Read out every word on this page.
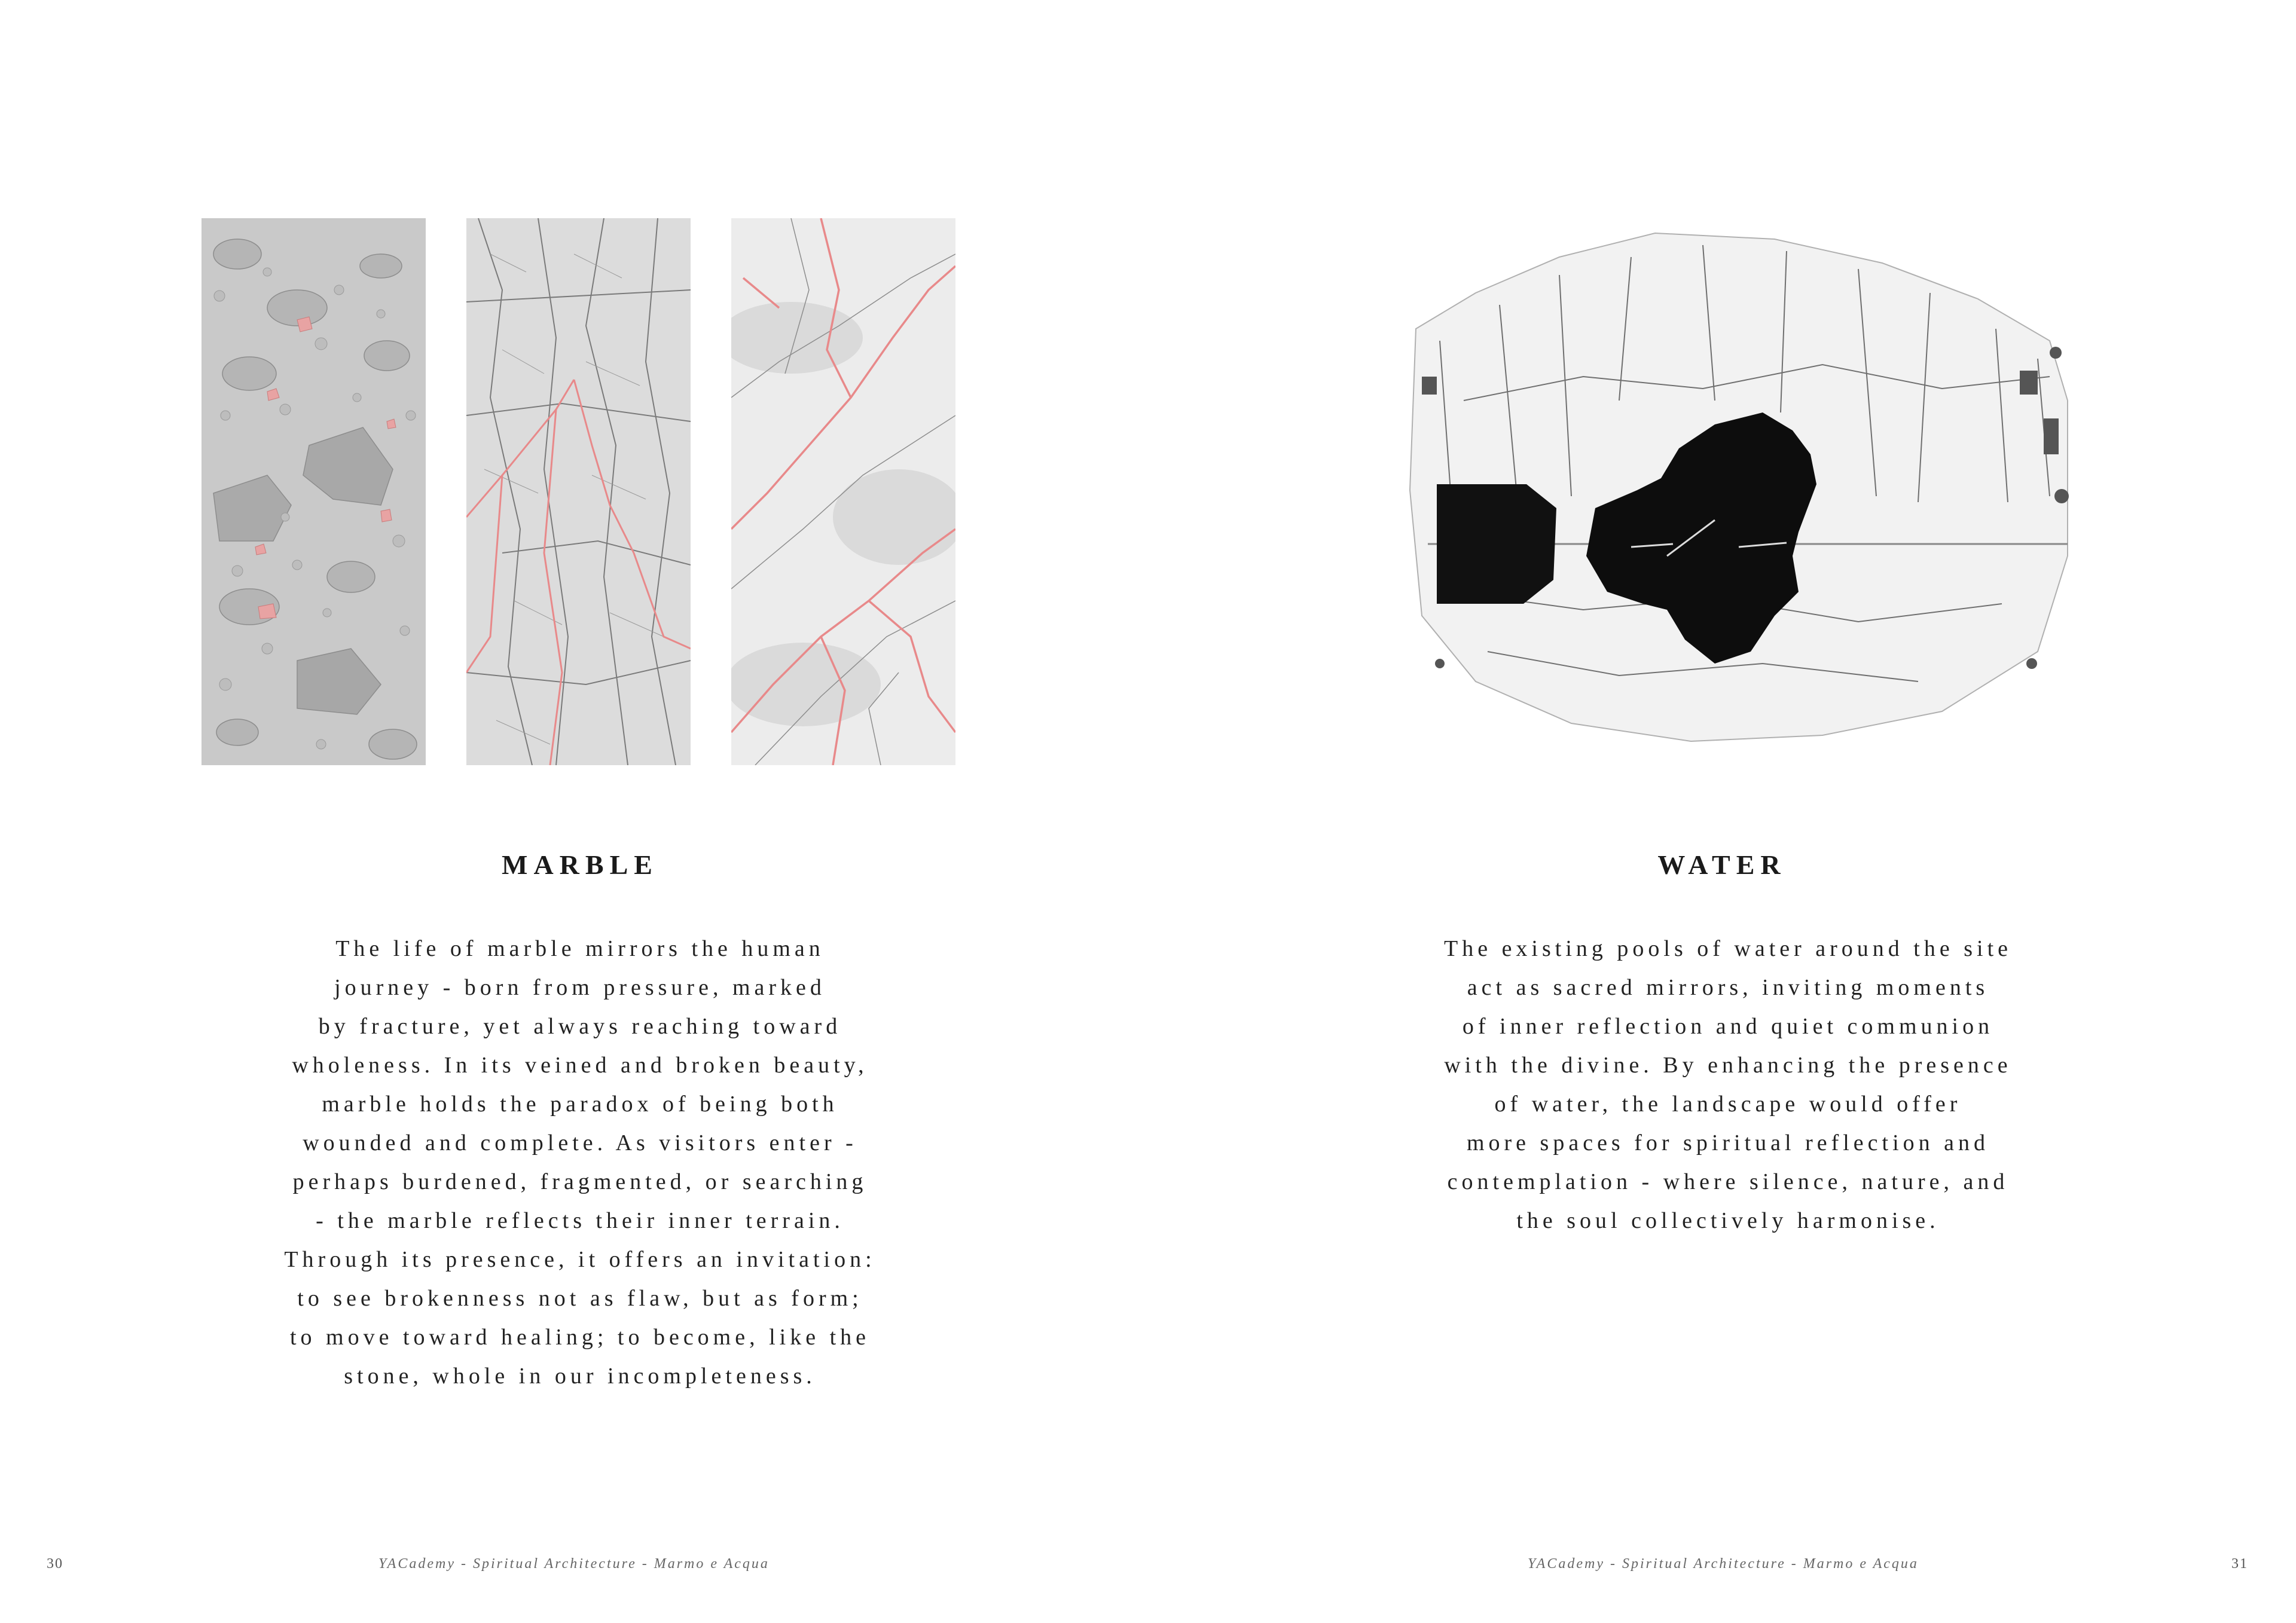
MARBLE
The life of marble mirrors the human
journey - born from pressure, marked
by fracture, yet always reaching toward
wholeness. In its veined and broken beauty,
marble holds the paradox of being both
wounded and complete. As visitors enter -
perhaps burdened, fragmented, or searching
- the marble reflects their inner terrain.
Through its presence, it offers an invitation:
to see brokenness not as flaw, but as form;
to move toward healing; to become, like the
stone, whole in our incompleteness.
30	YACademy - Spiritual Architecture - Marmo e Acqua
WATER
The existing pools of water around the site
act as sacred mirrors, inviting moments
of inner reflection and quiet communion
with the divine. By enhancing the presence
of water, the landscape would offer
more spaces for spiritual reflection and
contemplation - where silence, nature, and
the soul collectively harmonise.
YACademy - Spiritual Architecture - Marmo e Acqua	31
